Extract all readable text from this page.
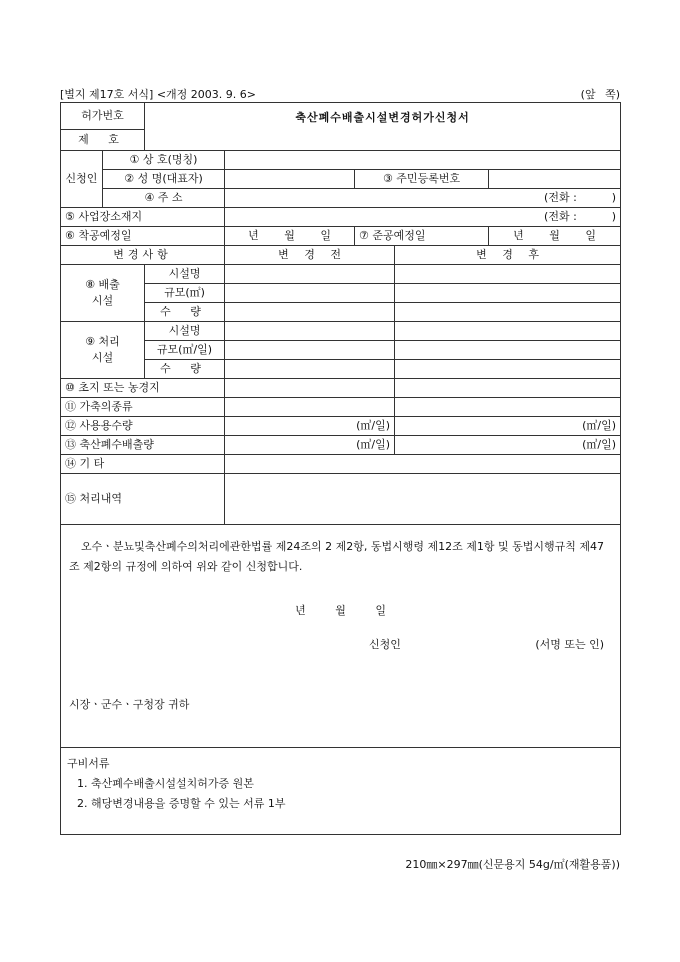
[별지 제17호 서식] <개정 2003. 9. 6>	(앞 쪽)
허가번호		축산폐수배출시설변경허가신청서				

제 호						
신청인	① 상 호(명칭)					
	② 성 명(대표자)			③ 주민등록번호		
	④ 주 소		(전화 :          )			
⑤ 사업장소재지			(전화 :          )			
⑥ 착공예정일			년 월 일	⑦ 준공예정일		년 월 일
변경사항			변 경 전		변 경 후	

⑧ 배출
시설		시설명				
		규모(㎡)				
		수 량				

⑨ 처리
시설		시설명				
		규모(㎥/일)				
		수 량				
⑩ 초지 또는 농경지						
⑪ 가축의종류						
⑫ 사용용수량			(㎥/일)		(㎥/일)	
⑬ 축산폐수배출량			(㎥/일)		(㎥/일)	
⑭ 기 타						
⑮ 처리내역						

오수ㆍ분뇨및축산폐수의처리에관한법률 제24조의 2 제2항, 동법시행령 제12조 제1항 및 동법시행규칙 제47조 제2항의 규정에 의하여 위와 같이 신청합니다.

년 월 일
신청인 (서명 또는 인)
시장ㆍ군수ㆍ구청장 귀하						

구비서류
1. 축산폐수배출시설설치허가증 원본
2. 해당변경내용을 증명할 수 있는 서류 1부						
210㎜×297㎜(신문용지 54g/㎡(재활용품))
